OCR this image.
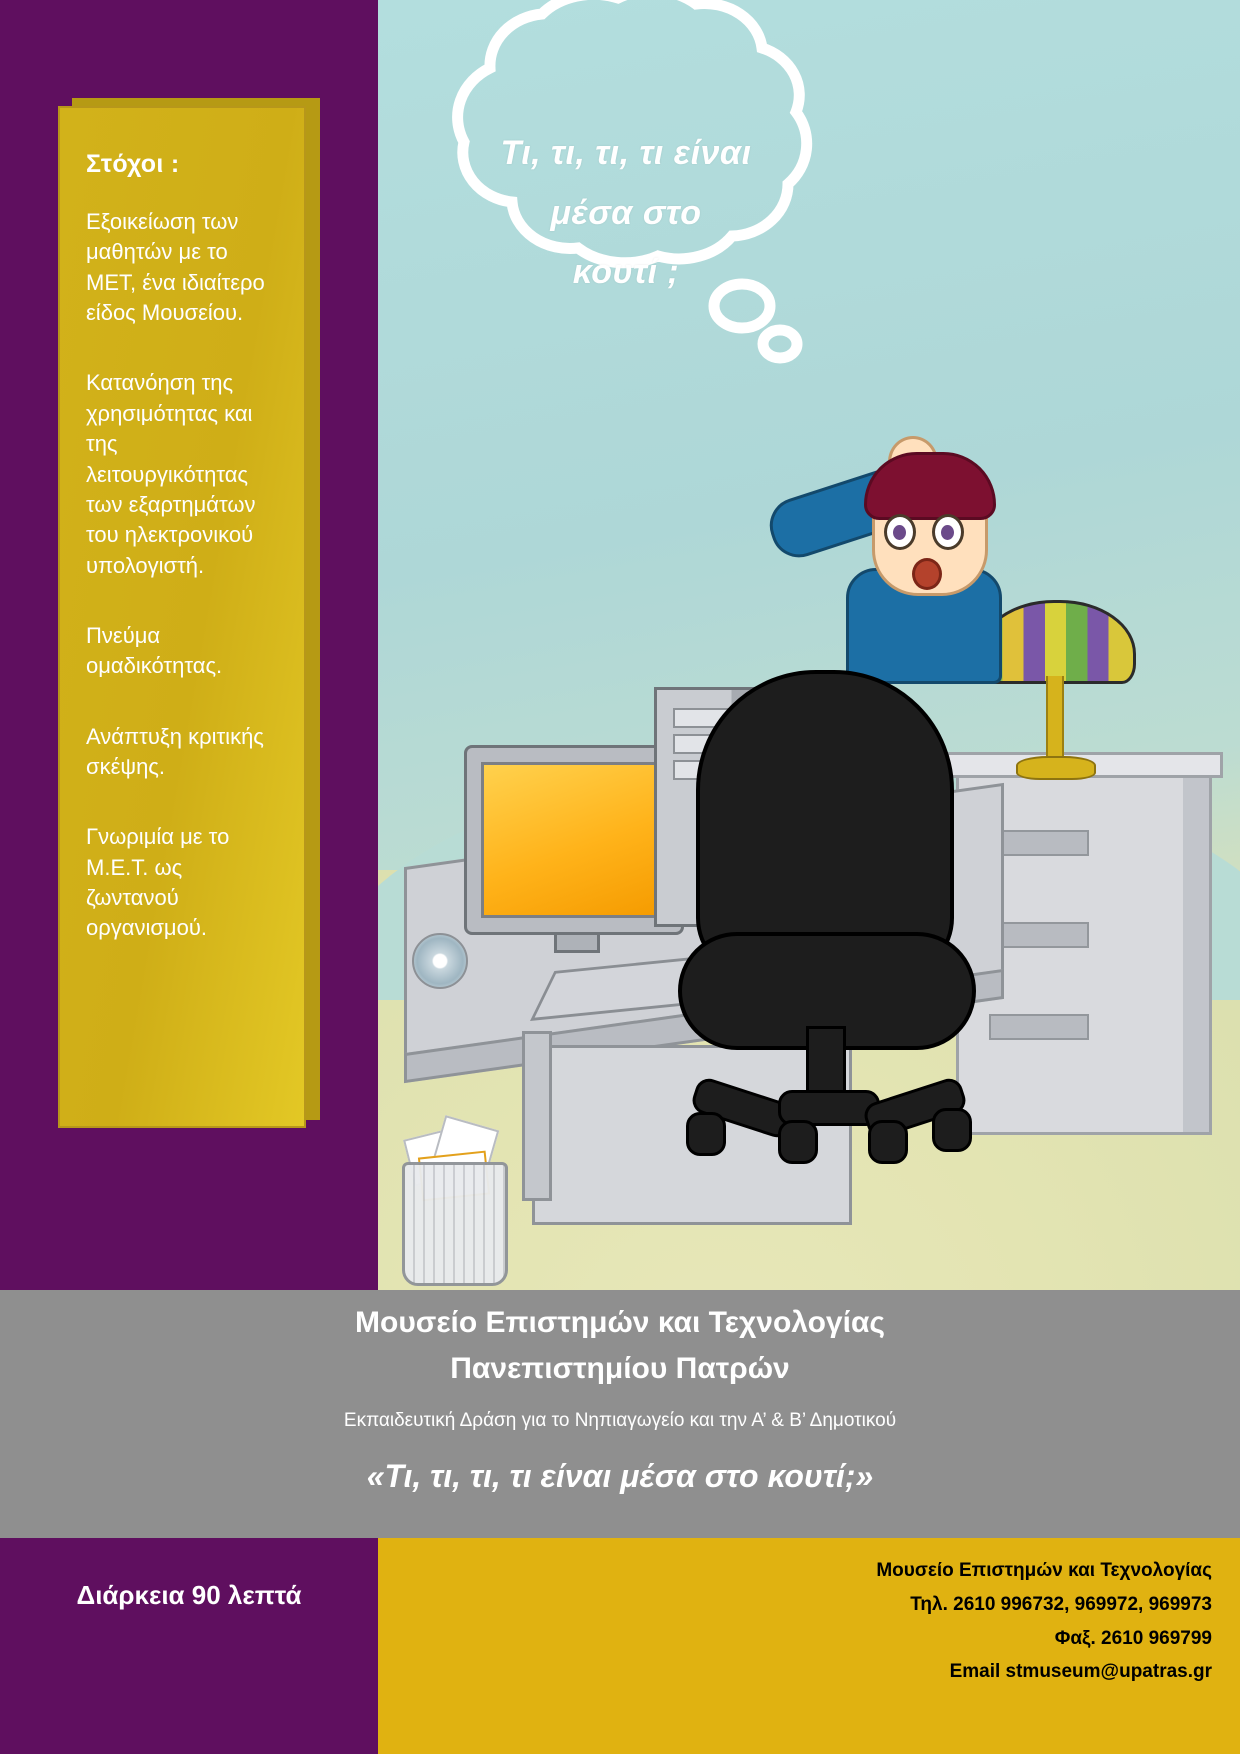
Τι, τι, τι, τι είναι
μέσα στο
κουτί ;
Στόχοι :
Εξοικείωση των μαθητών με το ΜΕΤ, ένα ιδιαίτερο είδος Μουσείου.
Κατανόηση της χρησιμότητας και της λειτουργικότητας των εξαρτημάτων του ηλεκτρονικού υπολογιστή.
Πνεύμα ομαδικότητας.
Ανάπτυξη κριτικής σκέψης.
Γνωριμία με το Μ.Ε.Τ. ως ζωντανού οργανισμού.
Μουσείο Επιστημών και Τεχνολογίας
Πανεπιστημίου Πατρών
Εκπαιδευτική Δράση για το Νηπιαγωγείο και την Α’ & Β’ Δημοτικού
«Τι, τι, τι, τι είναι μέσα στο κουτί;»
Διάρκεια 90 λεπτά
Μουσείο Επιστημών και Τεχνολογίας
Τηλ. 2610 996732, 969972, 969973
Φαξ. 2610 969799
Email stmuseum@upatras.gr
